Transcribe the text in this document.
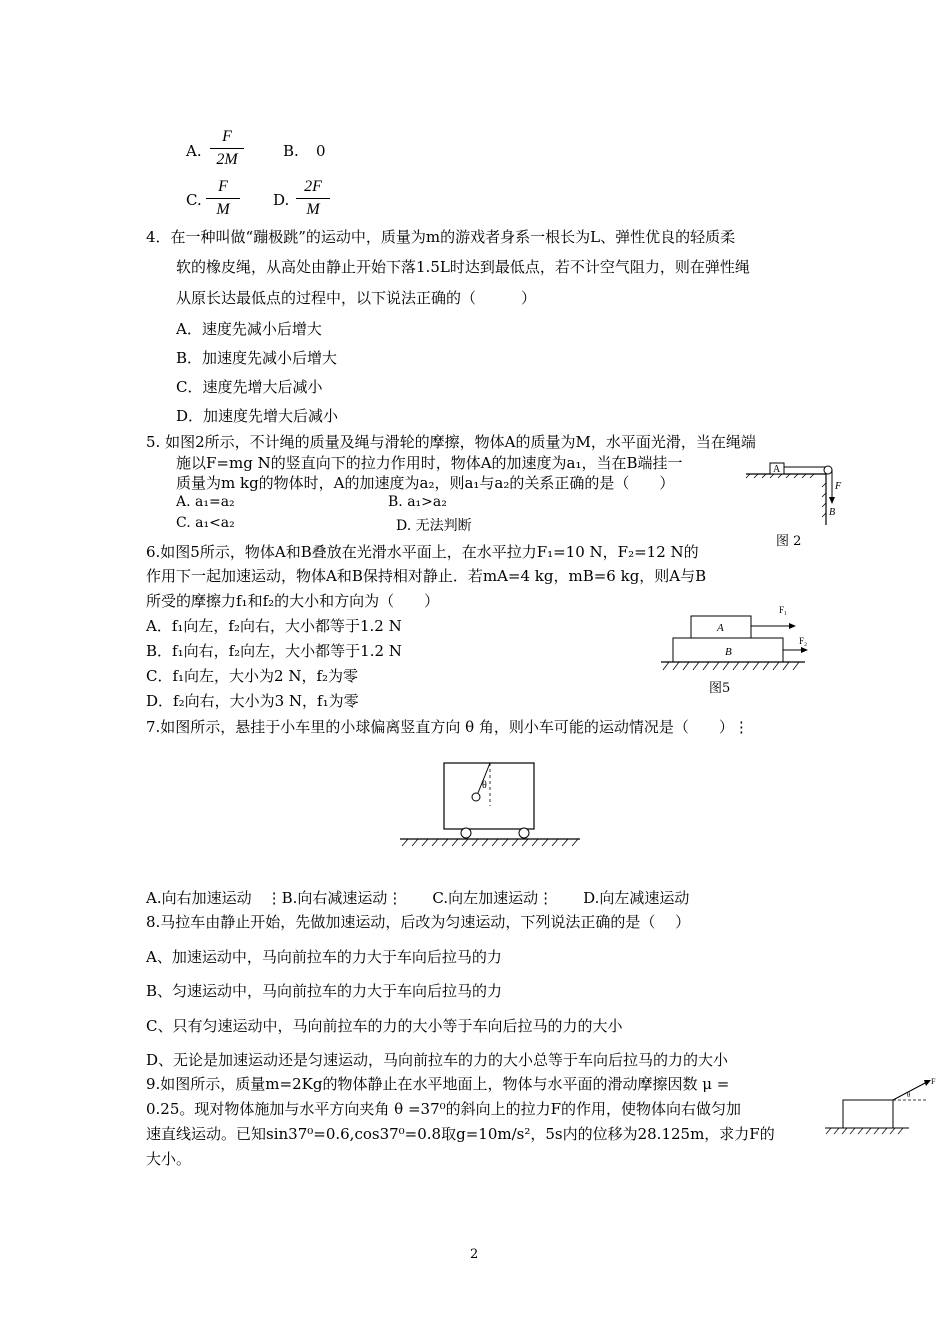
A.
F
2M	B. 0
C.
F
M
D.
2F
M
4．在一种叫做“蹦极跳”的运动中，质量为m的游戏者身系一根长为L、弹性优良的轻质柔
软的橡皮绳，从高处由静止开始下落1.5L时达到最低点，若不计空气阻力，则在弹性绳
从原长达最低点的过程中，以下说法正确的（　　　）
A．速度先减小后增大
B．加速度先减小后增大
C．速度先增大后减小
D．加速度先增大后减小
5. 如图2所示，不计绳的质量及绳与滑轮的摩擦，物体A的质量为M，水平面光滑，当在绳端
施以F=mg N的竖直向下的拉力作用时，物体A的加速度为a₁，当在B端挂一
质量为m kg的物体时，A的加速度为a₂，则a₁与a₂的关系正确的是（　　）
A. a₁=a₂	B. a₁>a₂
C. a₁<a₂	D. 无法判断
A
F
B
图 2
6.如图5所示，物体A和B叠放在光滑水平面上，在水平拉力F₁=10 N，F₂=12 N的
作用下一起加速运动，物体A和B保持相对静止．若mA=4 kg，mB=6 kg，则A与B
所受的摩擦力f₁和f₂的大小和方向为（　　）
A．f₁向左，f₂向右，大小都等于1.2 N
B．f₁向右，f₂向左，大小都等于1.2 N
C．f₁向左，大小为2 N，f₂为零
D．f₂向右，大小为3 N，f₁为零
A
B
F₁
F₂
图5
7.如图所示，悬挂于小车里的小球偏离竖直方向 θ 角，则小车可能的运动情况是（　　）⋮
θ
A.向右加速运动　⋮B.向右减速运动⋮　　C.向左加速运动⋮　　D.向左减速运动
8.马拉车由静止开始，先做加速运动，后改为匀速运动，下列说法正确的是（　 ）
A、加速运动中，马向前拉车的力大于车向后拉马的力
B、匀速运动中，马向前拉车的力大于车向后拉马的力
C、只有匀速运动中，马向前拉车的力的大小等于车向后拉马的力的大小
D、无论是加速运动还是匀速运动，马向前拉车的力的大小总等于车向后拉马的力的大小
9.如图所示，质量m=2Kg的物体静止在水平地面上，物体与水平面的滑动摩擦因数 μ =
0.25。现对物体施加与水平方向夹角 θ =37⁰的斜向上的拉力F的作用，使物体向右做匀加
速直线运动。已知sin37⁰=0.6,cos37⁰=0.8取g=10m/s²，5s内的位移为28.125m，求力F的
大小。
F
θ
2
